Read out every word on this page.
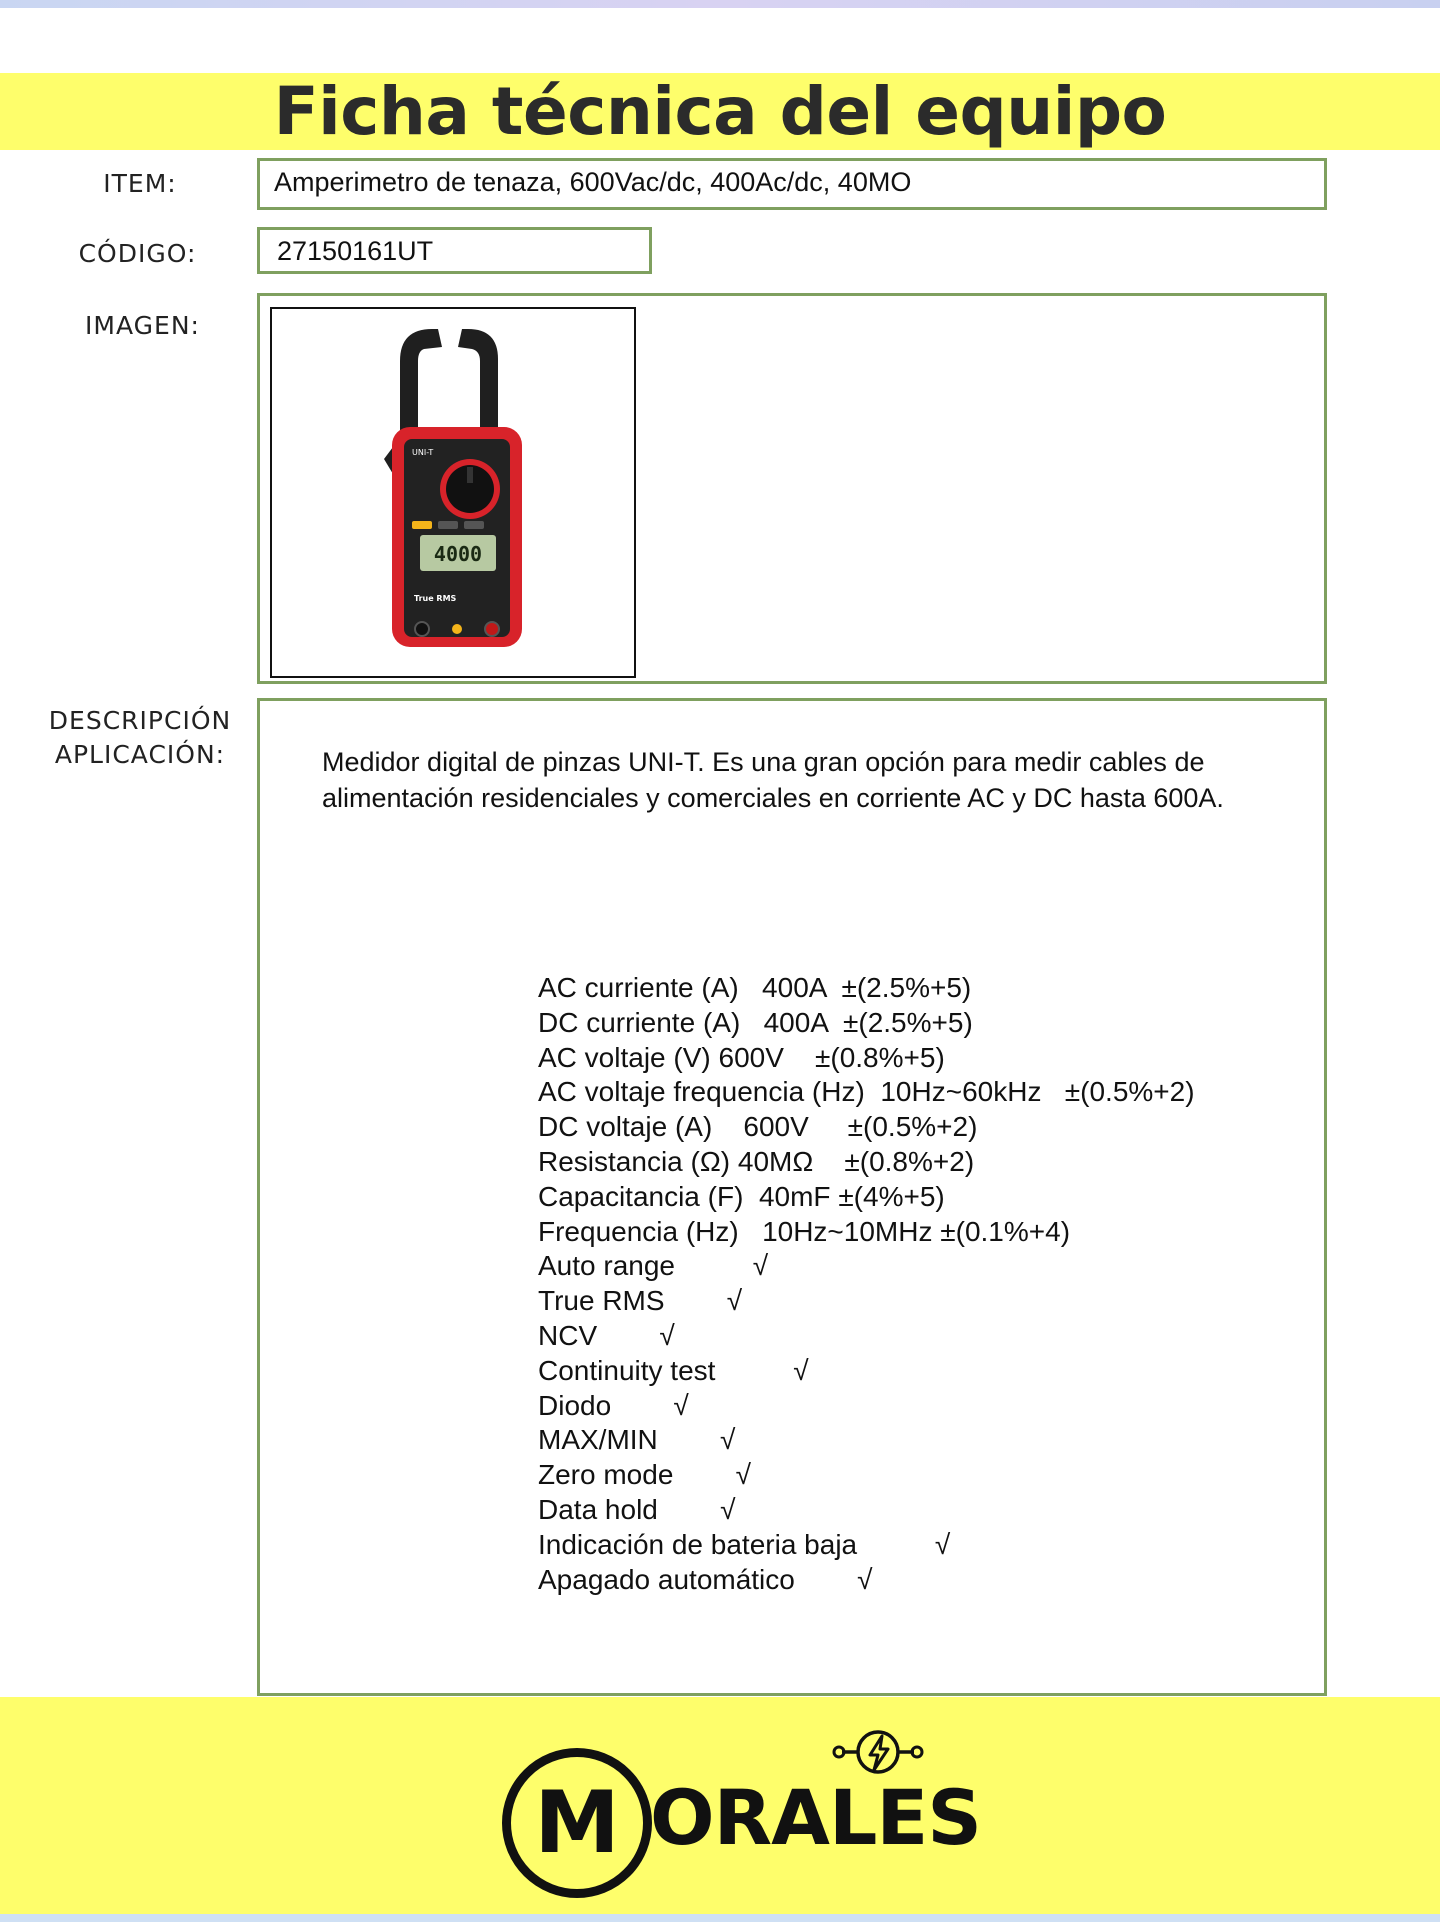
Ficha técnica del equipo
ITEM:	Amperimetro de tenaza, 600Vac/dc, 400Ac/dc, 40MO
CÓDIGO:	27150161UT
IMAGEN:
UNI-T
4000
True RMS
DESCRIPCIÓN
APLICACIÓN:	Medidor digital de pinzas UNI-T. Es una gran opción para medir cables de alimentación residenciales y comerciales en corriente AC y DC hasta 600A.
AC curriente (A)   400A  ±(2.5%+5)
DC curriente (A)   400A  ±(2.5%+5)
AC voltaje (V) 600V    ±(0.8%+5)
AC voltaje frequencia (Hz)  10Hz~60kHz   ±(0.5%+2)
DC voltaje (A)    600V     ±(0.5%+2)
Resistancia (Ω) 40MΩ    ±(0.8%+2)
Capacitancia (F)  40mF ±(4%+5)
Frequencia (Hz)   10Hz~10MHz ±(0.1%+4)
Auto range          √
True RMS        √
NCV        √
Continuity test          √
Diodo        √
MAX/MIN        √
Zero mode        √
Data hold        √
Indicación de bateria baja          √
Apagado automático        √
M ORALES
